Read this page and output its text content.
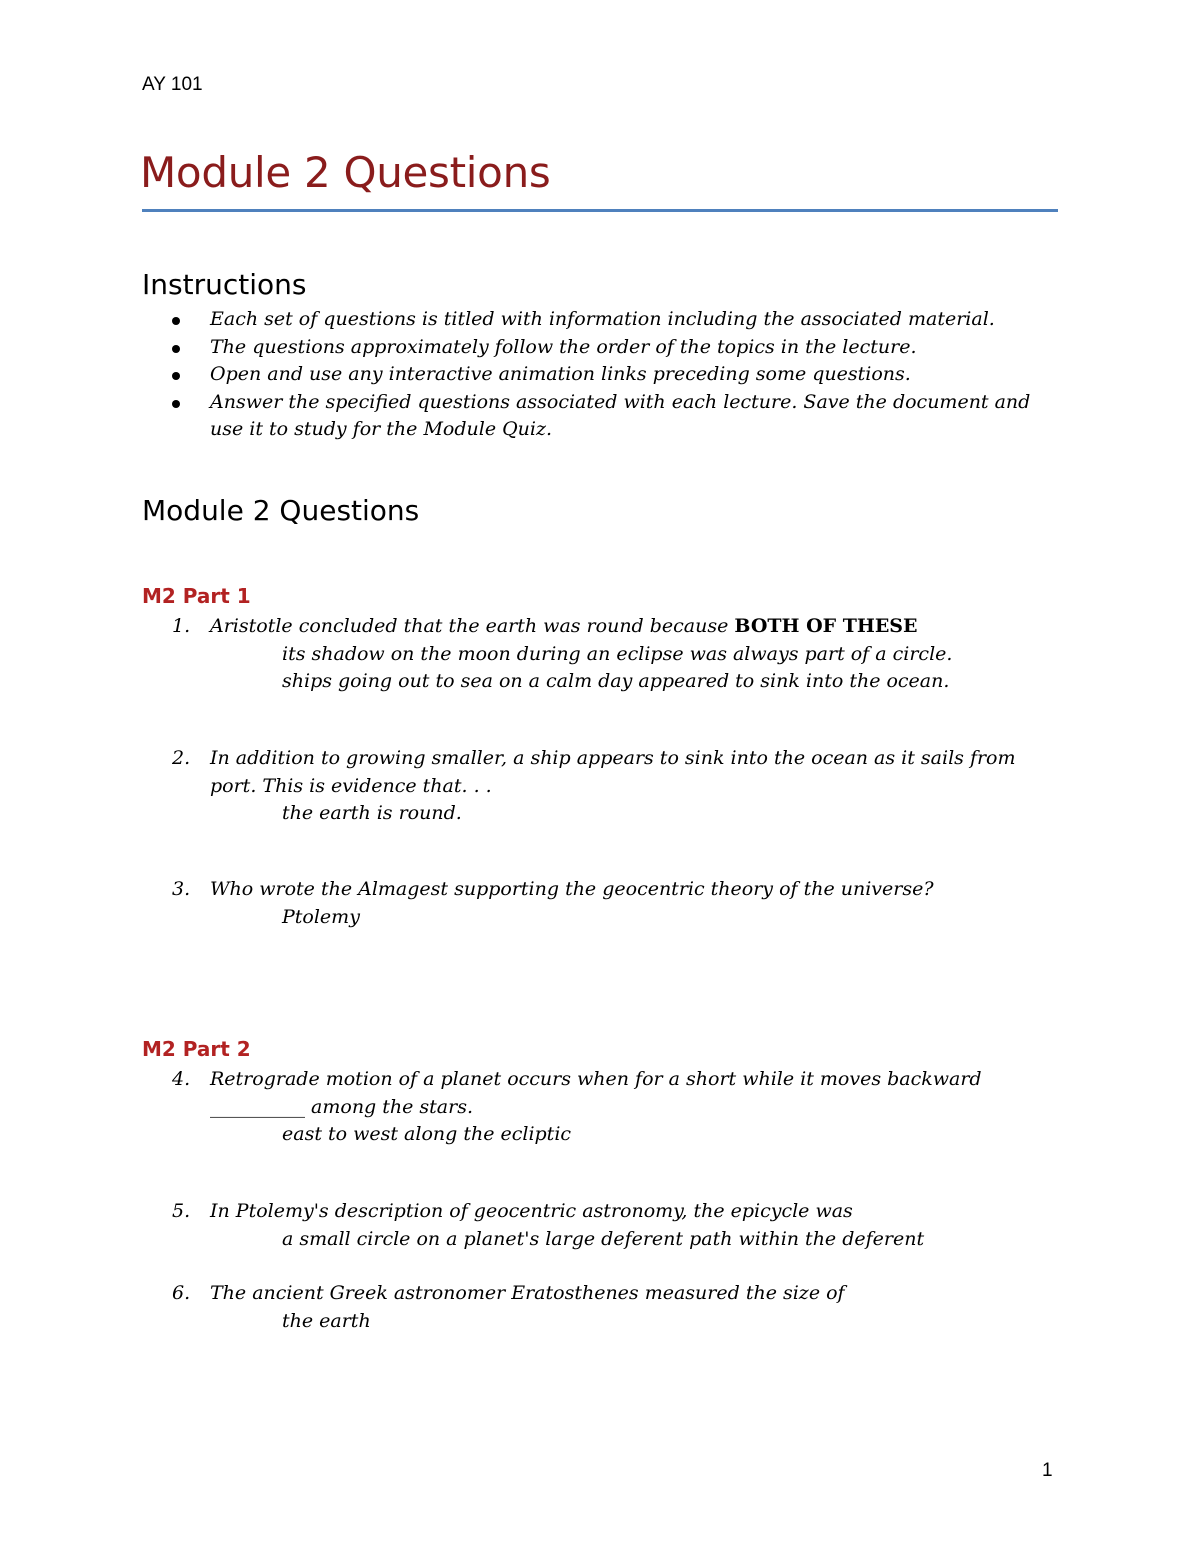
AY 101
Module 2 Questions
Instructions
Each set of questions is titled with information including the associated material.
The questions approximately follow the order of the topics in the lecture.
Open and use any interactive animation links preceding some questions.
Answer the specified questions associated with each lecture. Save the document and use it to study for the Module Quiz.
Module 2 Questions
M2 Part 1
1. Aristotle concluded that the earth was round because BOTH OF THESE
its shadow on the moon during an eclipse was always part of a circle.
ships going out to sea on a calm day appeared to sink into the ocean.
2. In addition to growing smaller, a ship appears to sink into the ocean as it sails from port. This is evidence that. . .
the earth is round.
3. Who wrote the Almagest supporting the geocentric theory of the universe?
Ptolemy
M2 Part 2
4. Retrograde motion of a planet occurs when for a short while it moves backward __________ among the stars.
east to west along the ecliptic
5. In Ptolemy's description of geocentric astronomy, the epicycle was
a small circle on a planet's large deferent path within the deferent
6. The ancient Greek astronomer Eratosthenes measured the size of
the earth
1
